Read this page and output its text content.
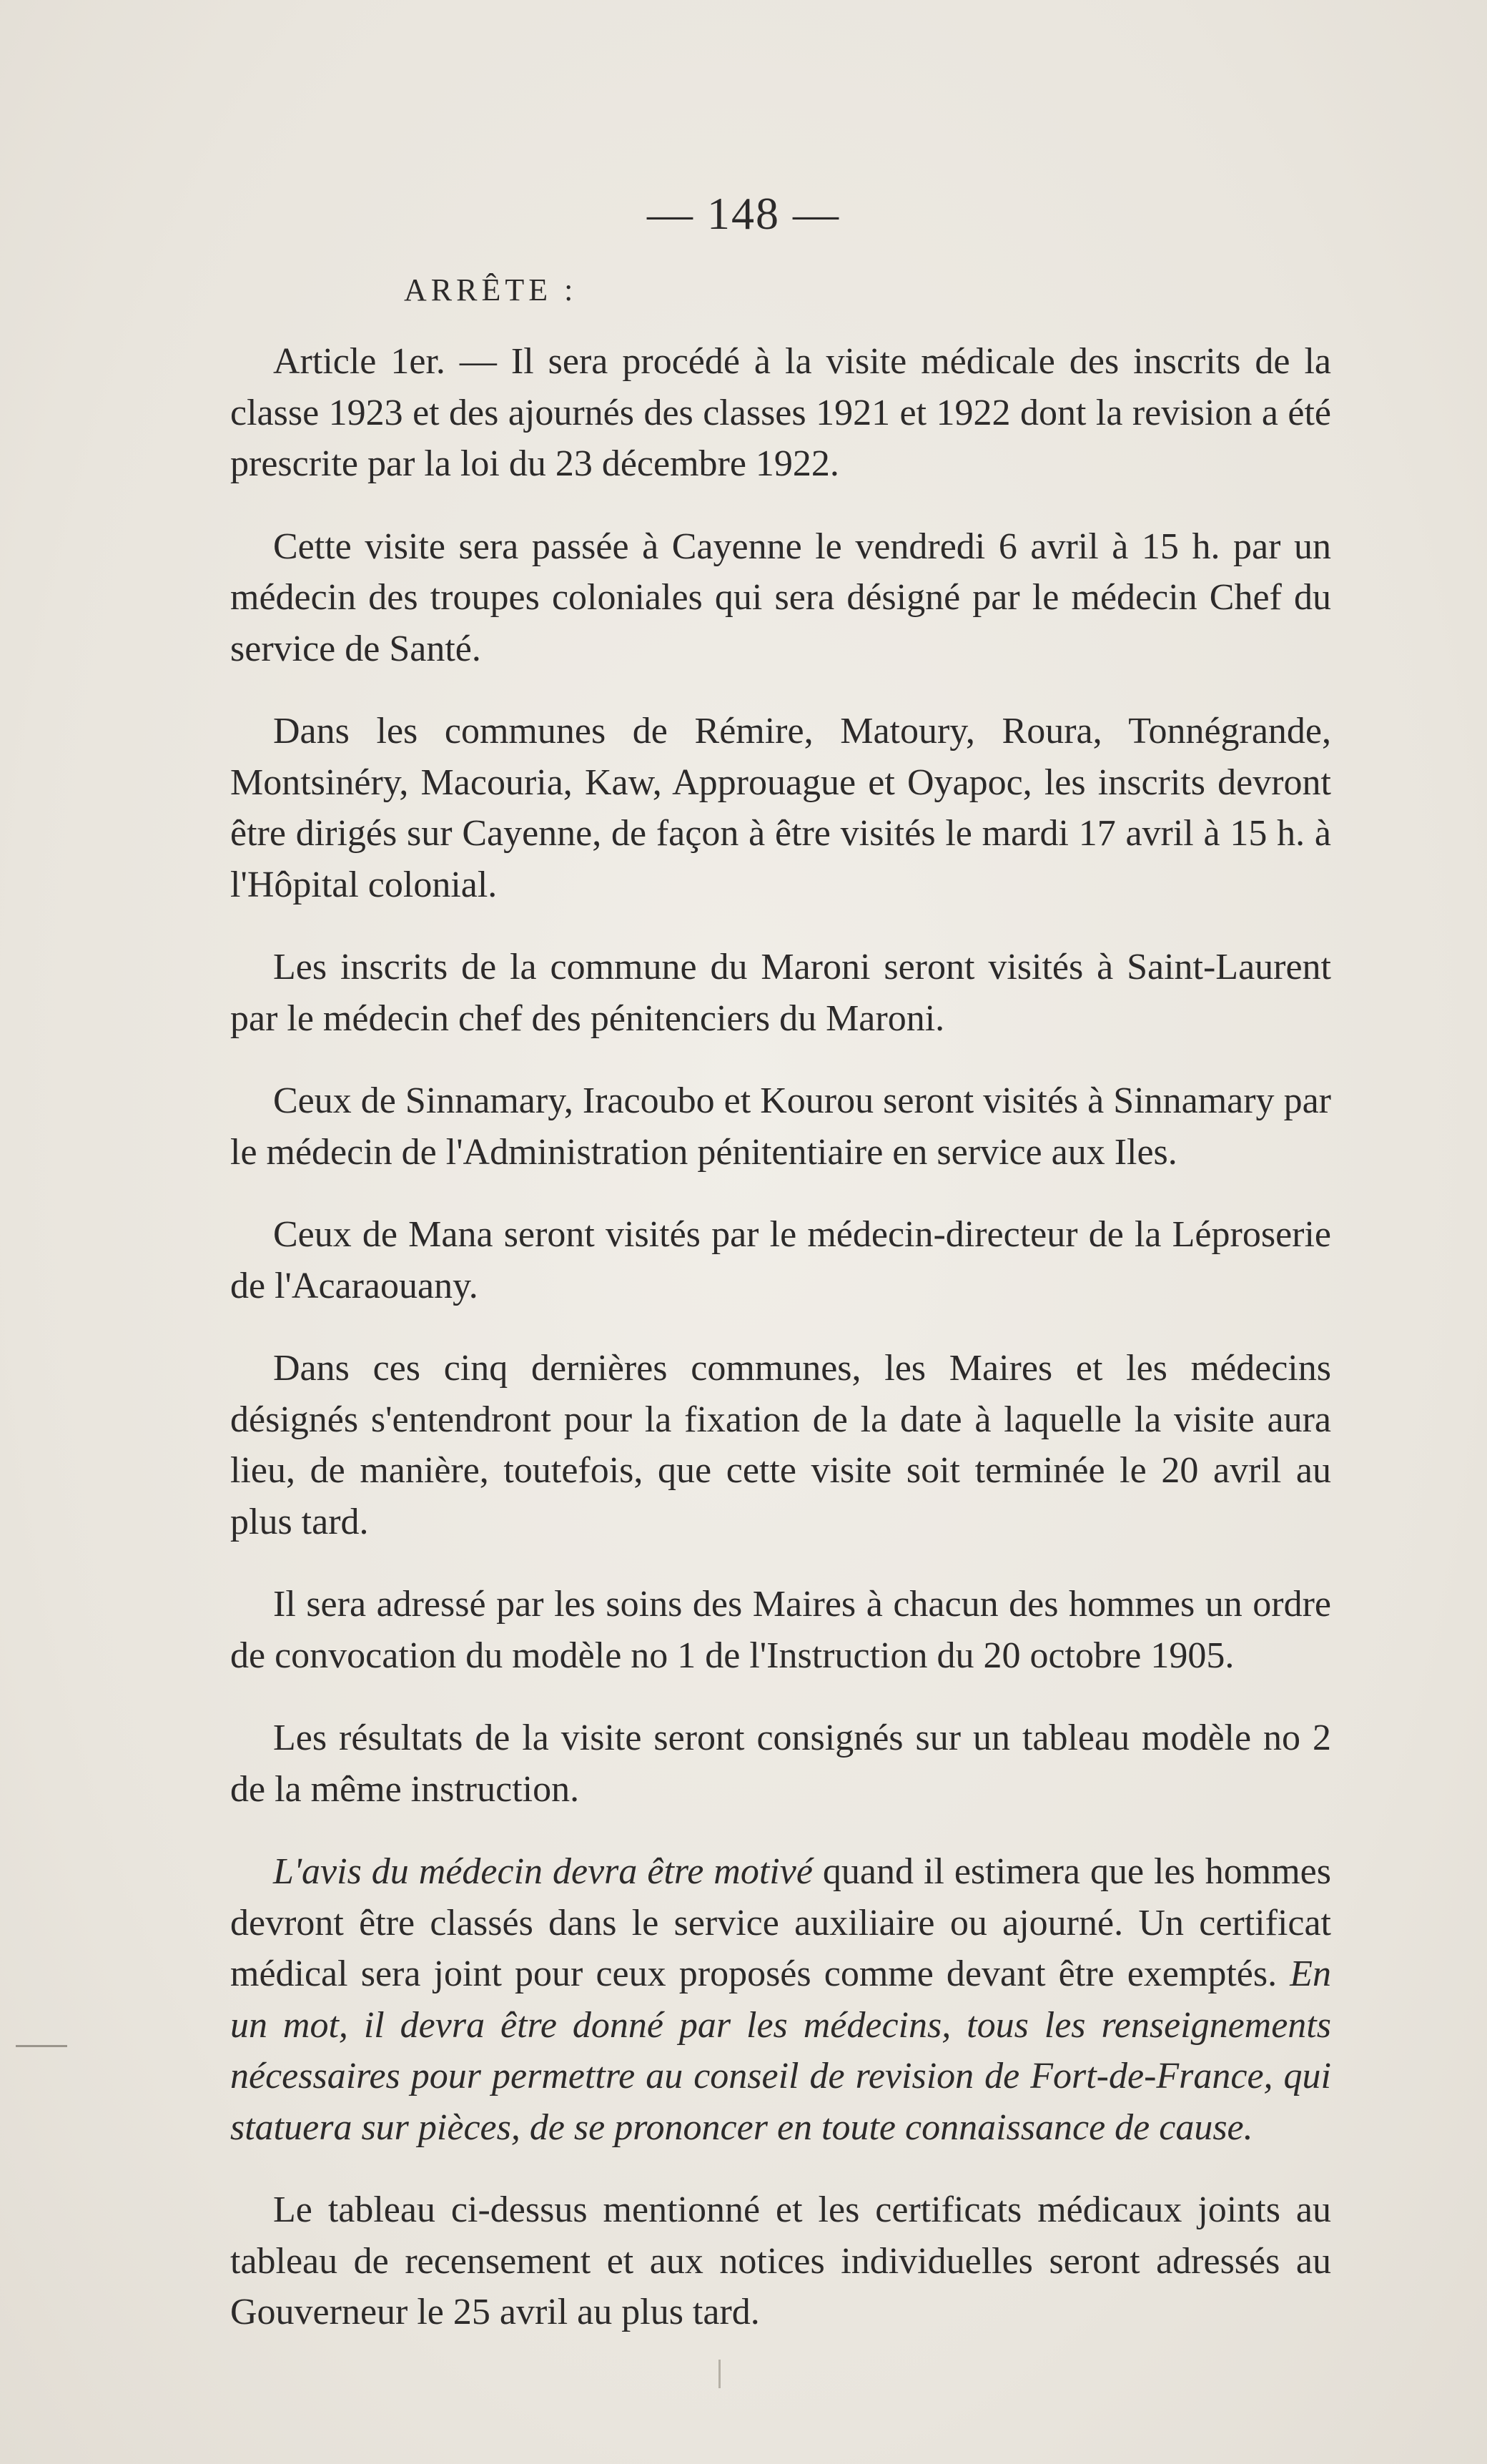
— 148 —
ARRÊTE :

Article 1er. — Il sera procédé à la visite médicale des inscrits de la classe 1923 et des ajournés des classes 1921 et 1922 dont la revision a été prescrite par la loi du 23 décembre 1922.

Cette visite sera passée à Cayenne le vendredi 6 avril à 15 h. par un médecin des troupes coloniales qui sera désigné par le médecin Chef du service de Santé.

Dans les communes de Rémire, Matoury, Roura, Tonnégrande, Montsinéry, Macouria, Kaw, Approuague et Oyapoc, les inscrits devront être dirigés sur Cayenne, de façon à être visités le mardi 17 avril à 15 h. à l'Hôpital colonial.

Les inscrits de la commune du Maroni seront visités à Saint-Laurent par le médecin chef des pénitenciers du Maroni.

Ceux de Sinnamary, Iracoubo et Kourou seront visités à Sinnamary par le médecin de l'Administration pénitentiaire en service aux Iles.

Ceux de Mana seront visités par le médecin-directeur de la Léproserie de l'Acaraouany.

Dans ces cinq dernières communes, les Maires et les médecins désignés s'entendront pour la fixation de la date à laquelle la visite aura lieu, de manière, toutefois, que cette visite soit terminée le 20 avril au plus tard.

Il sera adressé par les soins des Maires à chacun des hommes un ordre de convocation du modèle no 1 de l'Instruction du 20 octobre 1905.

Les résultats de la visite seront consignés sur un tableau modèle no 2 de la même instruction.

L'avis du médecin devra être motivé quand il estimera que les hommes devront être classés dans le service auxiliaire ou ajourné. Un certificat médical sera joint pour ceux proposés comme devant être exemptés. En un mot, il devra être donné par les médecins, tous les renseignements nécessaires pour permettre au conseil de revision de Fort-de-France, qui statuera sur pièces, de se prononcer en toute connaissance de cause.

Le tableau ci-dessus mentionné et les certificats médicaux joints au tableau de recensement et aux notices individuelles seront adressés au Gouverneur le 25 avril au plus tard.
